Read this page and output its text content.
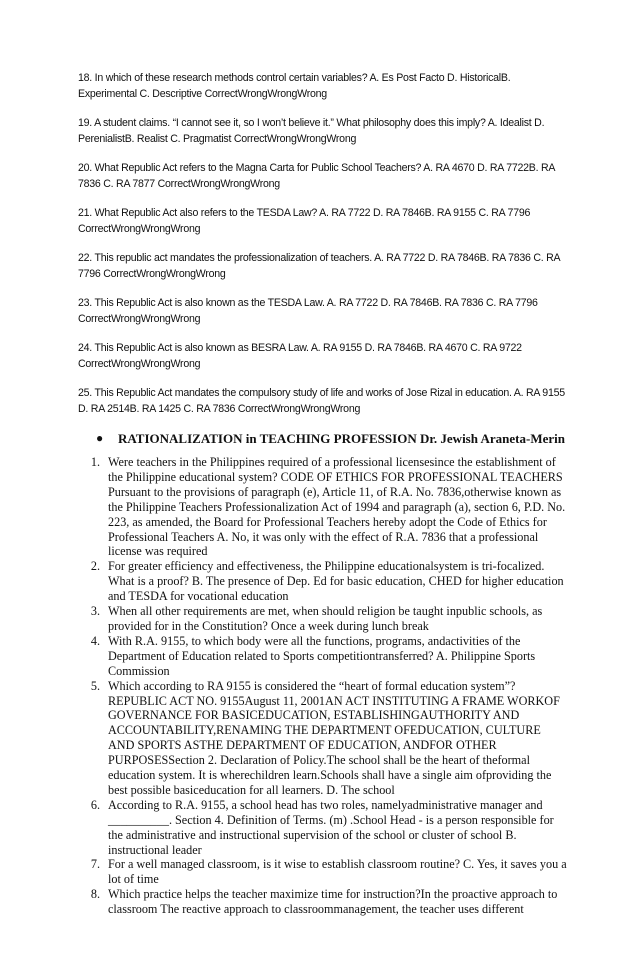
18. In which of these research methods control certain variables? A. Es Post Facto D. HistoricalB. Experimental C. Descriptive CorrectWrongWrongWrong

19. A student claims. “I cannot see it, so I won’t believe it.” What philosophy does this imply? A. Idealist D. PerenialistB. Realist C. Pragmatist CorrectWrongWrongWrong

20. What Republic Act refers to the Magna Carta for Public School Teachers? A. RA 4670 D. RA 7722B. RA 7836 C. RA 7877 CorrectWrongWrongWrong

21. What Republic Act also refers to the TESDA Law? A. RA 7722 D. RA 7846B. RA 9155 C. RA 7796 CorrectWrongWrongWrong

22. This republic act mandates the professionalization of teachers. A. RA 7722 D. RA 7846B. RA 7836 C. RA 7796 CorrectWrongWrongWrong

23. This Republic Act is also known as the TESDA Law. A. RA 7722 D. RA 7846B. RA 7836 C. RA 7796 CorrectWrongWrongWrong

24. This Republic Act is also known as BESRA Law. A. RA 9155 D. RA 7846B. RA 4670 C. RA 9722 CorrectWrongWrongWrong

25. This Republic Act mandates the compulsory study of life and works of Jose Rizal in education. A. RA 9155 D. RA 2514B. RA 1425 C. RA 7836 CorrectWrongWrongWrong

●	RATIONALIZATION in TEACHING PROFESSION Dr. Jewish Araneta-Merin
1. Were teachers in the Philippines required of a professional licensesince the establishment of the Philippine educational system? CODE OF ETHICS FOR PROFESSIONAL TEACHERS Pursuant to the provisions of paragraph (e), Article 11, of R.A. No. 7836,otherwise known as the Philippine Teachers Professionalization Act of 1994 and paragraph (a), section 6, P.D. No. 223, as amended, the Board for Professional Teachers hereby adopt the Code of Ethics for Professional Teachers A. No, it was only with the effect of R.A. 7836 that a professional license was required
2. For greater efficiency and effectiveness, the Philippine educationalsystem is tri-focalized. What is a proof? B. The presence of Dep. Ed for basic education, CHED for higher education and TESDA for vocational education
3. When all other requirements are met, when should religion be taught inpublic schools, as provided for in the Constitution? Once a week during lunch break
4. With R.A. 9155, to which body were all the functions, programs, andactivities of the Department of Education related to Sports competitiontransferred? A. Philippine Sports Commission
5. Which according to RA 9155 is considered the “heart of formal education system”?REPUBLIC ACT NO. 9155August 11, 2001AN ACT INSTITUTING A FRAME WORKOF GOVERNANCE FOR BASICEDUCATION, ESTABLISHINGAUTHORITY AND ACCOUNTABILITY,RENAMING THE DEPARTMENT OFEDUCATION, CULTURE AND SPORTS ASTHE DEPARTMENT OF EDUCATION, ANDFOR OTHER PURPOSESSection 2. Declaration of Policy.The school shall be the heart of theformal education system. It is wherechildren learn.Schools shall have a single aim ofproviding the best possible basiceducation for all learners. D. The school
6. According to R.A. 9155, a school head has two roles, namelyadministrative manager and __________. Section 4. Definition of Terms. (m) .School Head - is a person responsible for the administrative and instructional supervision of the school or cluster of school B. instructional leader
7. For a well managed classroom, is it wise to establish classroom routine? C. Yes, it saves you a lot of time
8. Which practice helps the teacher maximize time for instruction?In the proactive approach to classroom The reactive approach to classroommanagement, the teacher uses different
